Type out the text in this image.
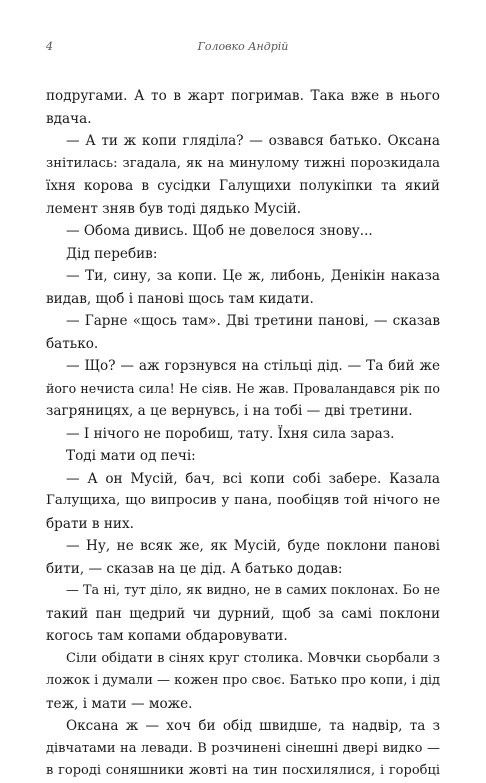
4	Головко Андрій
подругами. А то в жарт погримав. Така вже в нього
вдача.
— А ти ж копи гляділа? — озвався батько. Оксана
знітилась: згадала, як на минулому тижні порозкидала
їхня корова в сусідки Галущихи полукіпки та який
лемент зняв був тоді дядько Мусій.
— Обома дивись. Щоб не довелося знову...
Дід перебив:
— Ти, сину, за копи. Це ж, либонь, Денікін наказа
видав, щоб і панові щось там кидати.
— Гарне «щось там». Дві третини панові, — сказав
батько.
— Що? — аж горзнувся на стільці дід. — Та бий же
його нечиста сила! Не сіяв. Не жав. Проваландався рік по
загряницях, а це вернувсь, і на тобі — дві третини.
— І нічого не поробиш, тату. Їхня сила зараз.
Тоді мати од печі:
— А он Мусій, бач, всі копи собі забере. Казала
Галущиха, що випросив у пана, пообіцяв той нічого не
брати в них.
— Ну, не всяк же, як Мусій, буде поклони панові
бити, — сказав на це дід. А батько додав:
— Та ні, тут діло, як видно, не в самих поклонах. Бо не
такий пан щедрий чи дурний, щоб за самі поклони
когось там копами обдаровувати.
Сіли обідати в сінях круг столика. Мовчки сьорбали з
ложок і думали — кожен про своє. Батько про копи, і дід
теж, і мати — може.
Оксана ж — хоч би обід швидше, та надвір, та з
дівчатами на левади. В розчинені сінешні двері видко —
в городі соняшники жовті на тин посхилялися, і горобці
